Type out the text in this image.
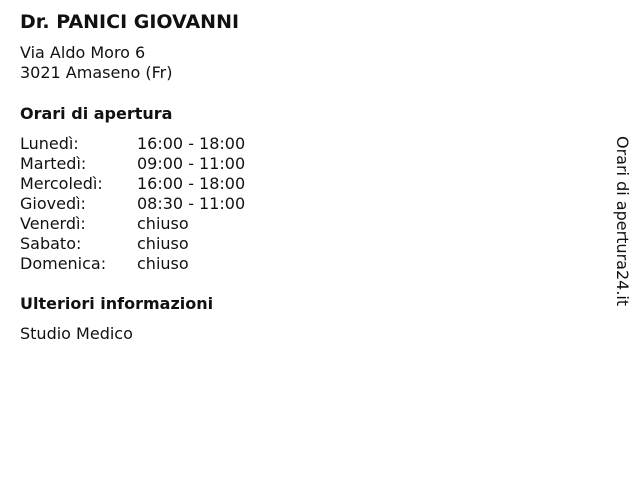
Dr. PANICI GIOVANNI
Via Aldo Moro 6
3021 Amaseno (Fr)
Orari di apertura
Lunedì:	16:00 - 18:00
Martedì:	09:00 - 11:00
Mercoledì: 16:00 - 18:00
Giovedì:	08:30 - 11:00
Venerdì:	chiuso
Sabato:	chiuso
Domenica: chiuso
Ulteriori informazioni
Studio Medico
Orari di apertura24.it
